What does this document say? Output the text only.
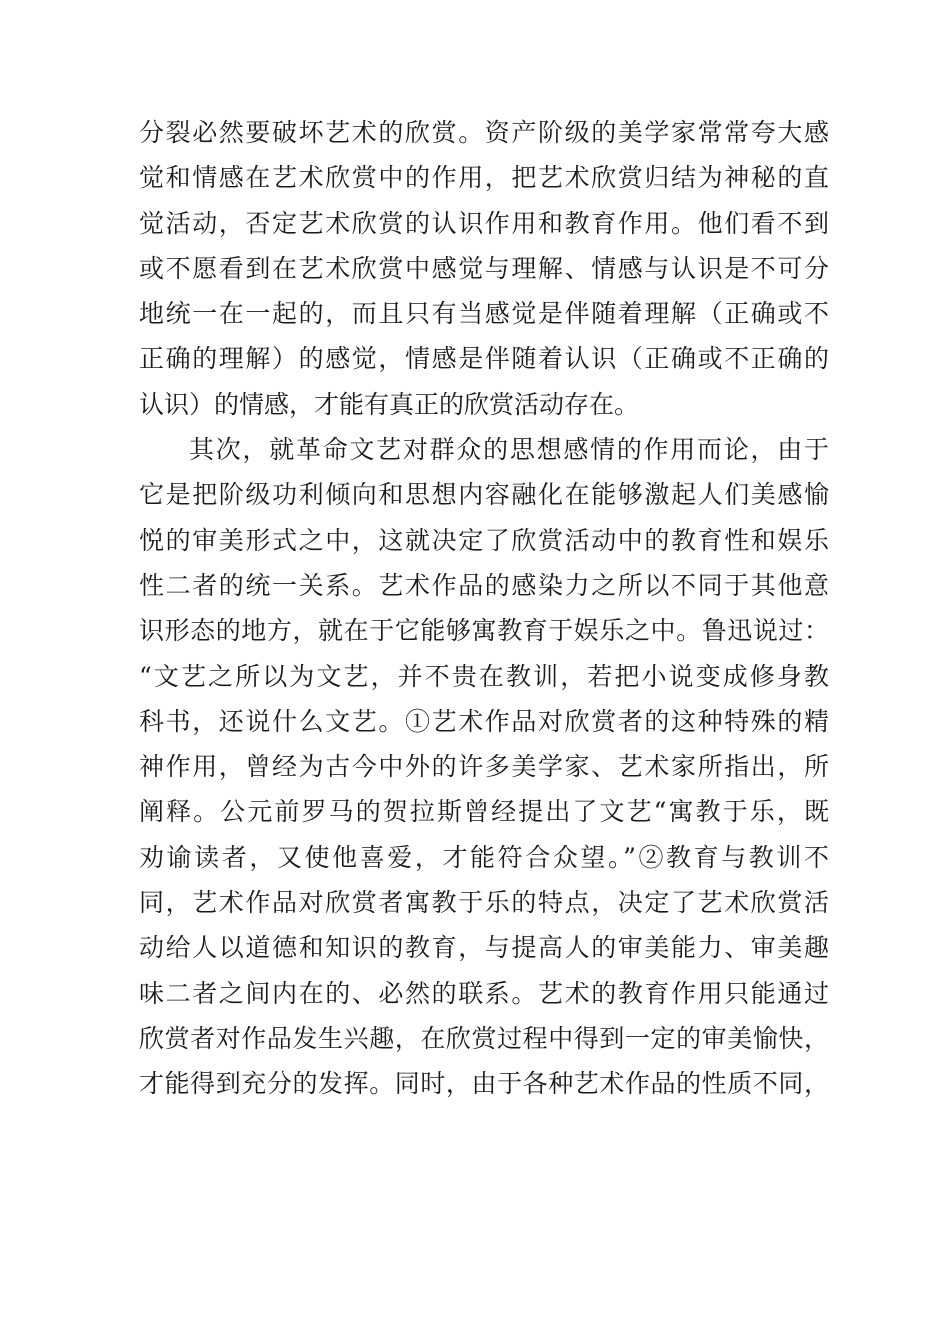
分裂必然要破坏艺术的欣赏。资产阶级的美学家常常夸大感
觉和情感在艺术欣赏中的作用，把艺术欣赏归结为神秘的直
觉活动，否定艺术欣赏的认识作用和教育作用。他们看不到
或不愿看到在艺术欣赏中感觉与理解、情感与认识是不可分
地统一在一起的，而且只有当感觉是伴随着理解（正确或不
正确的理解）的感觉，情感是伴随着认识（正确或不正确的
认识）的情感，才能有真正的欣赏活动存在。
其次，就革命文艺对群众的思想感情的作用而论，由于
它是把阶级功利倾向和思想内容融化在能够激起人们美感愉
悦的审美形式之中，这就决定了欣赏活动中的教育性和娱乐
性二者的统一关系。艺术作品的感染力之所以不同于其他意
识形态的地方，就在于它能够寓教育于娱乐之中。鲁迅说过：
“文艺之所以为文艺，并不贵在教训，若把小说变成修身教
科书，还说什么文艺。①艺术作品对欣赏者的这种特殊的精
神作用，曾经为古今中外的许多美学家、艺术家所指出，所
阐释。公元前罗马的贺拉斯曾经提出了文艺“寓教于乐，既
劝谕读者，又使他喜爱，才能符合众望。”②教育与教训不
同，艺术作品对欣赏者寓教于乐的特点，决定了艺术欣赏活
动给人以道德和知识的教育，与提高人的审美能力、审美趣
味二者之间内在的、必然的联系。艺术的教育作用只能通过
欣赏者对作品发生兴趣，在欣赏过程中得到一定的审美愉快，
才能得到充分的发挥。同时，由于各种艺术作品的性质不同，
